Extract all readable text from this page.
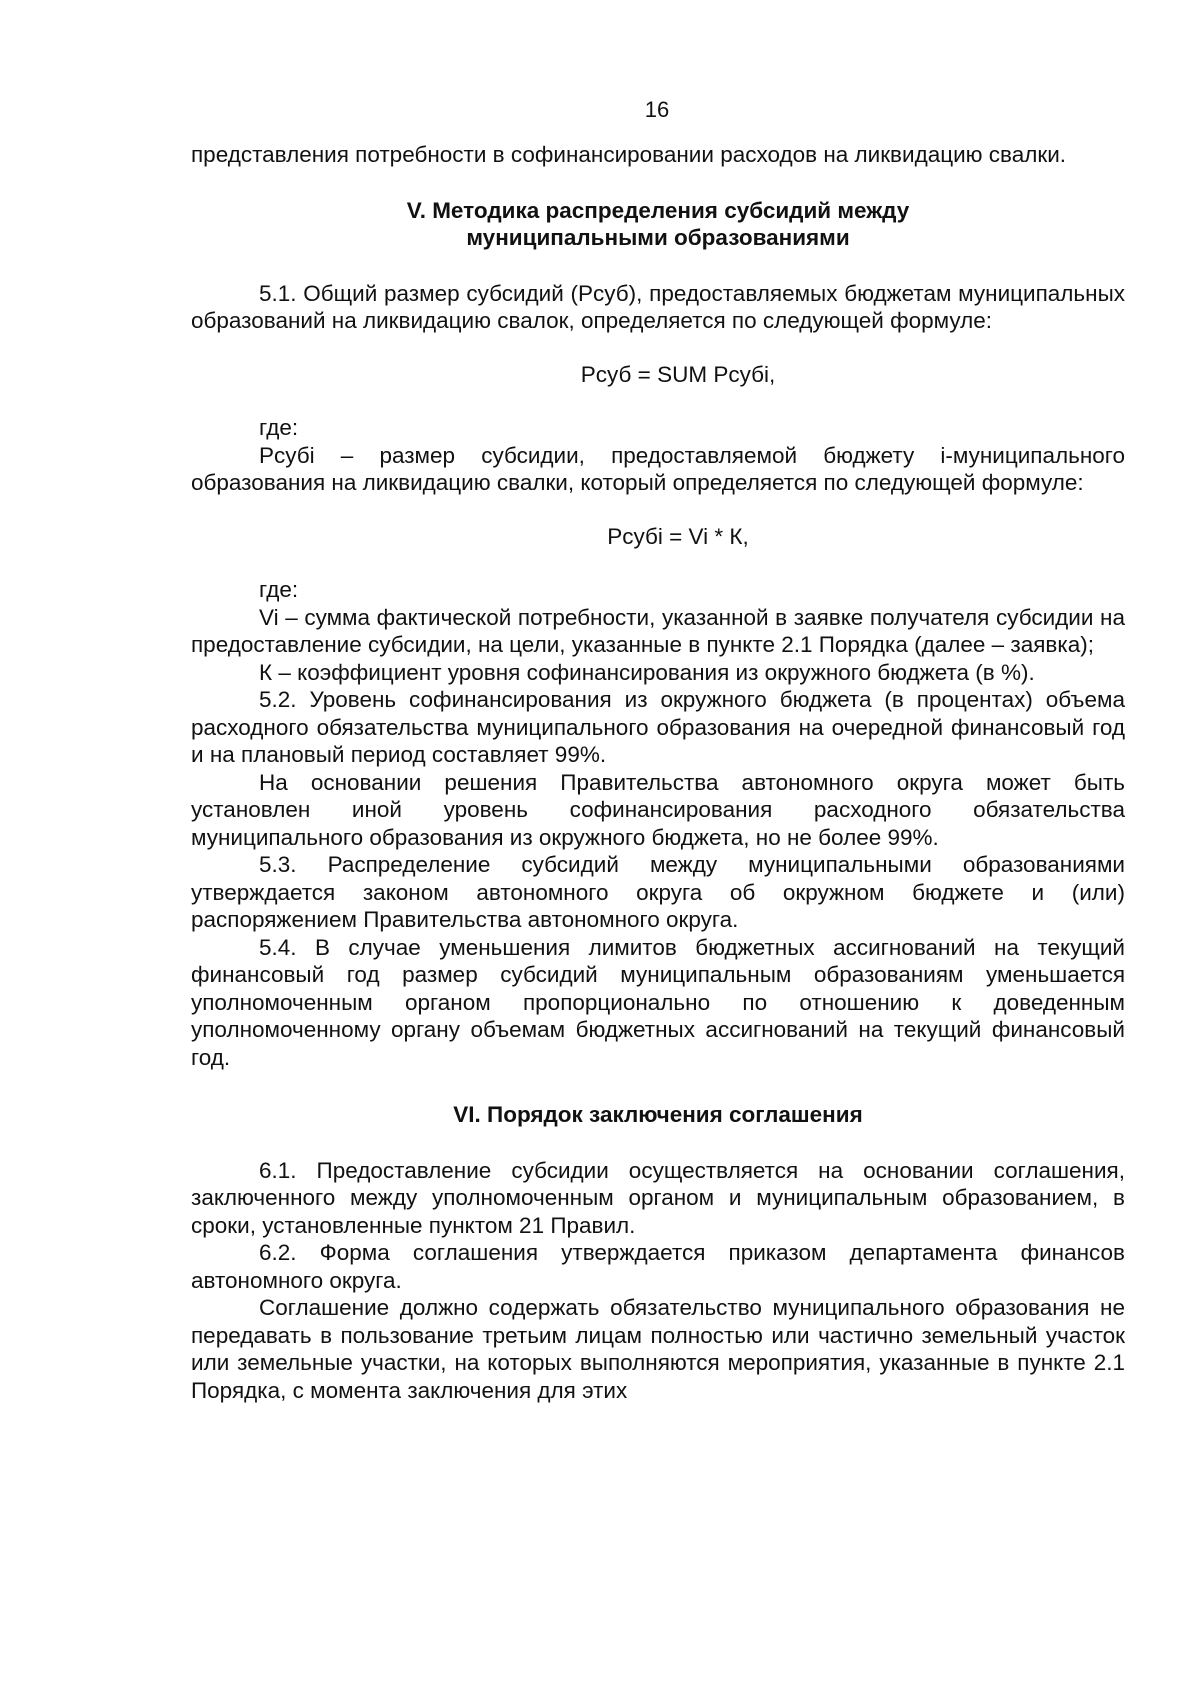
16

представления потребности в софинансировании расходов на ликвидацию свалки.

V. Методика распределения субсидий между муниципальными образованиями

5.1. Общий размер субсидий (Рсуб), предоставляемых бюджетам муниципальных образований на ликвидацию свалок, определяется по следующей формуле:

Рсуб = SUM Рсубi,

где:

Рсубi – размер субсидии, предоставляемой бюджету i-муниципального образования на ликвидацию свалки, который определяется по следующей формуле:

Рсубi = Vi * К,

где:

Vi – сумма фактической потребности, указанной в заявке получателя субсидии на предоставление субсидии, на цели, указанные в пункте 2.1 Порядка (далее – заявка);

К – коэффициент уровня софинансирования из окружного бюджета (в %).

5.2. Уровень софинансирования из окружного бюджета (в процентах) объема расходного обязательства муниципального образования на очередной финансовый год и на плановый период составляет 99%.

На основании решения Правительства автономного округа может быть установлен иной уровень софинансирования расходного обязательства муниципального образования из окружного бюджета, но не более 99%.

5.3. Распределение субсидий между муниципальными образованиями утверждается законом автономного округа об окружном бюджете и (или) распоряжением Правительства автономного округа.

5.4. В случае уменьшения лимитов бюджетных ассигнований на текущий финансовый год размер субсидий муниципальным образованиям уменьшается уполномоченным органом пропорционально по отношению к доведенным уполномоченному органу объемам бюджетных ассигнований на текущий финансовый год.

VI. Порядок заключения соглашения

6.1. Предоставление субсидии осуществляется на основании соглашения, заключенного между уполномоченным органом и муниципальным образованием, в сроки, установленные пунктом 21 Правил.

6.2. Форма соглашения утверждается приказом департамента финансов автономного округа.

Соглашение должно содержать обязательство муниципального образования не передавать в пользование третьим лицам полностью или частично земельный участок или земельные участки, на которых выполняются мероприятия, указанные в пункте 2.1 Порядка, с момента заключения для этих
